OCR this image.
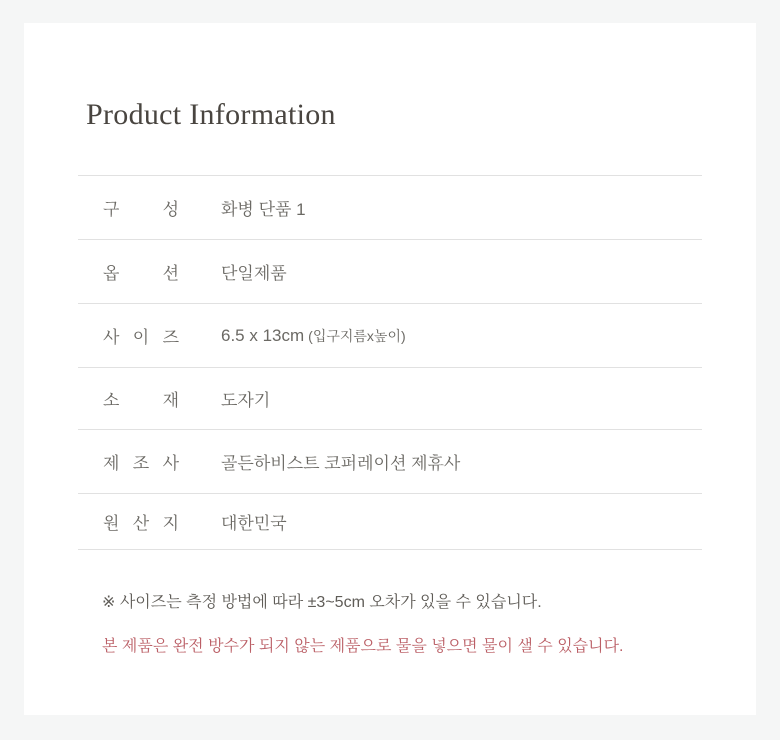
Product Information
구 성 화병 단품 1
옵 션 단일제품
사 이 즈 6.5 x 13cm (입구지름x높이)
소 재 도자기
제 조 사 골든하비스트 코퍼레이션 제휴사
원 산 지 대한민국

※ 사이즈는 측정 방법에 따라 ±3~5cm 오차가 있을 수 있습니다.

본 제품은 완전 방수가 되지 않는 제품으로 물을 넣으면 물이 샐 수 있습니다.
